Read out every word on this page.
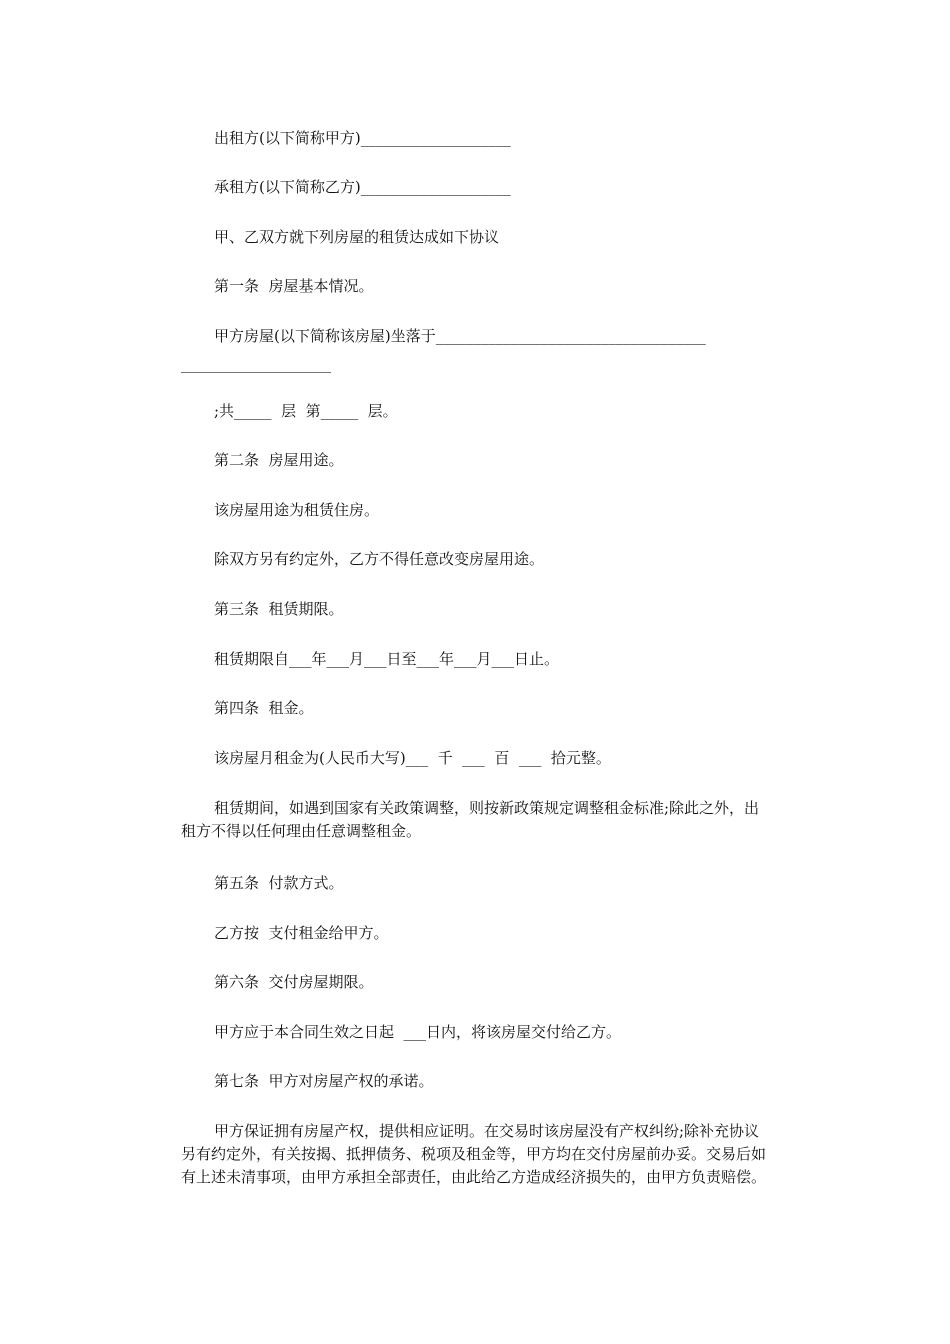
出租方(以下简称甲方)____________________

承租方(以下简称乙方)____________________

甲、乙双方就下列房屋的租赁达成如下协议

第一条  房屋基本情况。

甲方房屋(以下简称该房屋)坐落于____________________________________

____________________

;共_____  层  第_____  层。

第二条  房屋用途。

该房屋用途为租赁住房。

除双方另有约定外，乙方不得任意改变房屋用途。

第三条  租赁期限。

租赁期限自___年___月___日至___年___月___日止。

第四条  租金。

该房屋月租金为(人民币大写)___  千  ___  百  ___  拾元整。

租赁期间，如遇到国家有关政策调整，则按新政策规定调整租金标准;除此之外，出租方不得以任何理由任意调整租金。

第五条  付款方式。

乙方按  支付租金给甲方。

第六条  交付房屋期限。

甲方应于本合同生效之日起  ___日内，将该房屋交付给乙方。

第七条  甲方对房屋产权的承诺。

甲方保证拥有房屋产权，提供相应证明。在交易时该房屋没有产权纠纷;除补充协议另有约定外，有关按揭、抵押债务、税项及租金等，甲方均在交付房屋前办妥。交易后如有上述未清事项，由甲方承担全部责任，由此给乙方造成经济损失的，由甲方负责赔偿。
